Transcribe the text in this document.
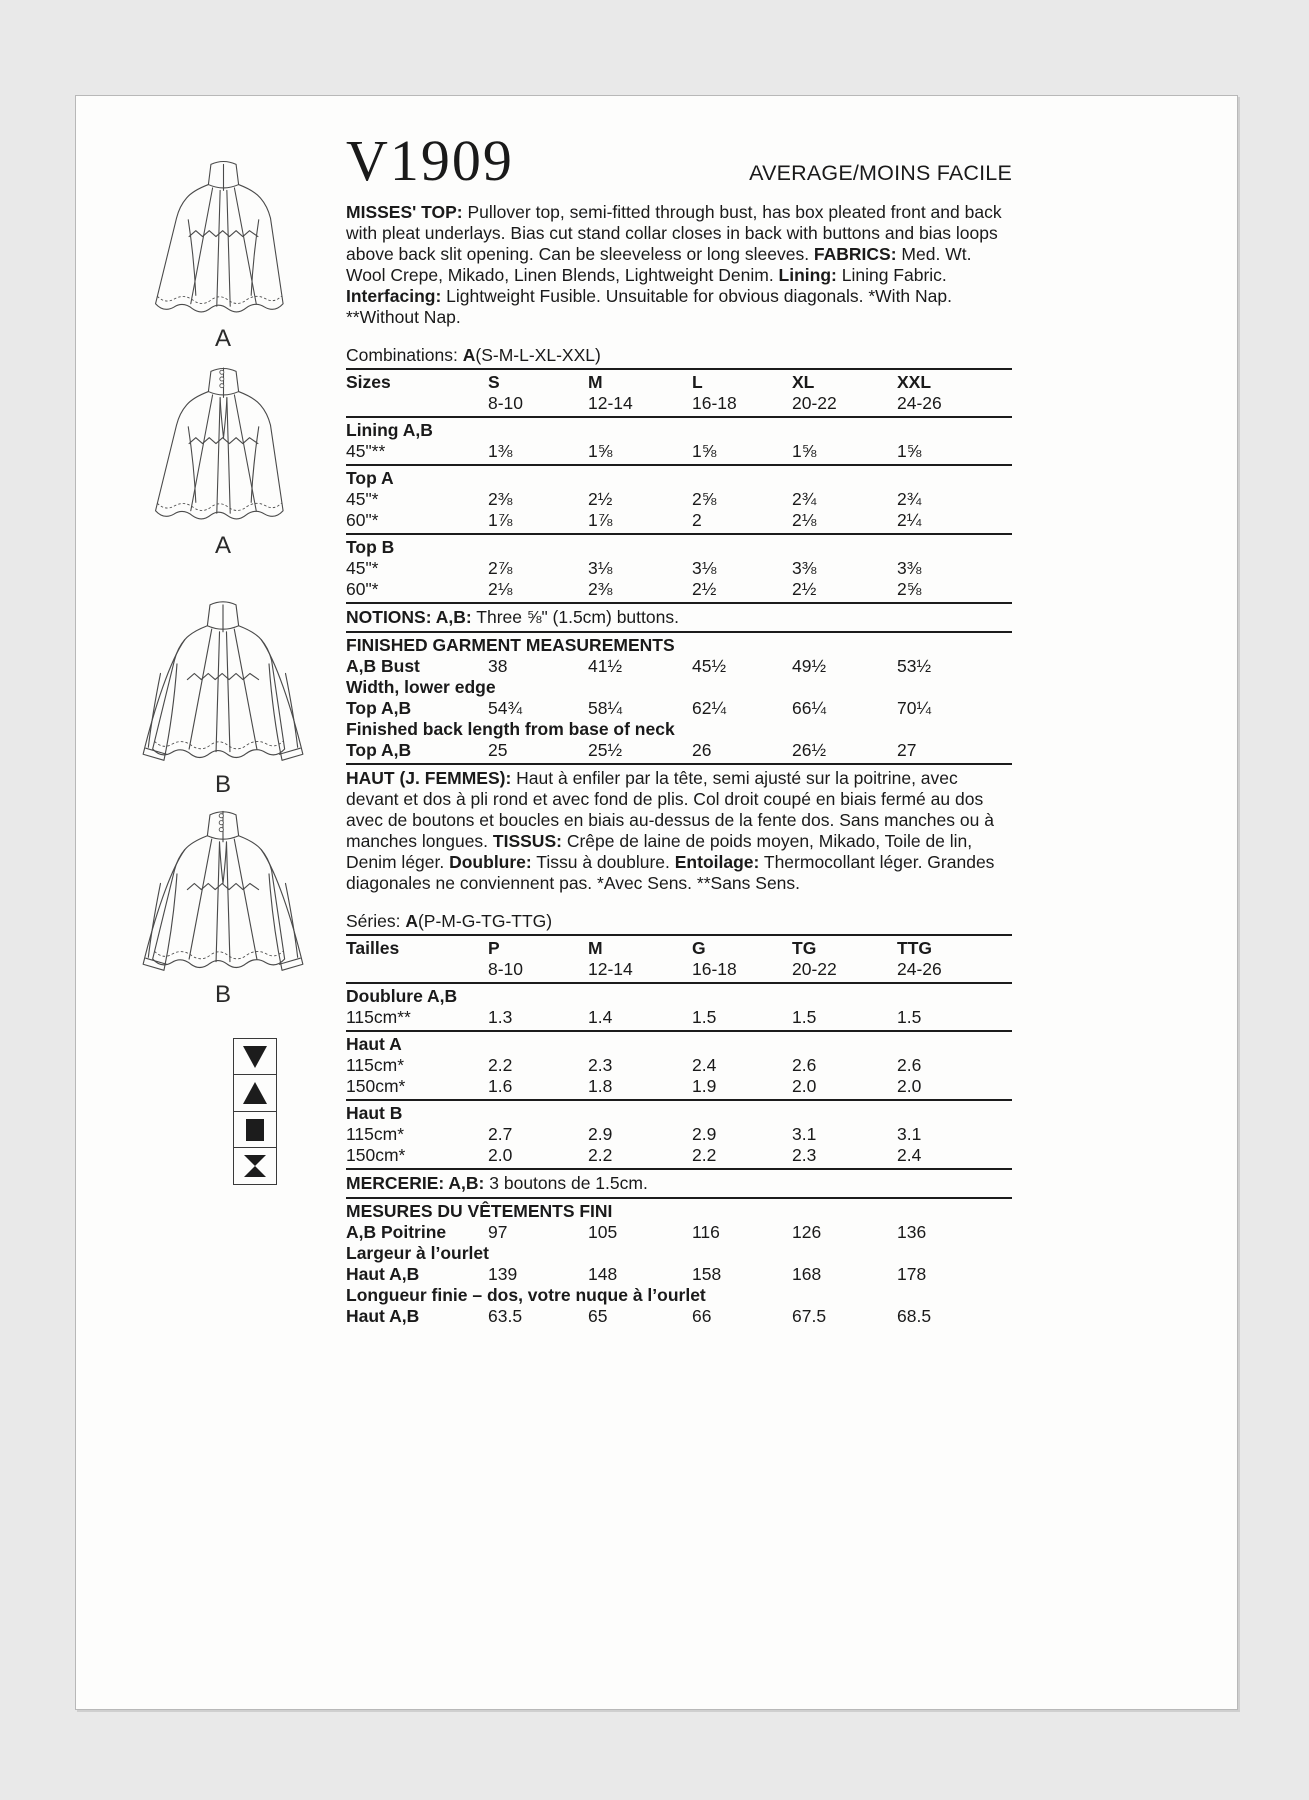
A
A
B
B
V1909	AVERAGE/MOINS FACILE
MISSES' TOP: Pullover top, semi-fitted through bust, has box pleated front and back with pleat underlays. Bias cut stand collar closes in back with buttons and bias loops above back slit opening. Can be sleeveless or long sleeves. FABRICS: Med. Wt. Wool Crepe, Mikado, Linen Blends, Lightweight Denim. Lining: Lining Fabric. Interfacing: Lightweight Fusible. Unsuitable for obvious diagonals. *With Nap. **Without Nap.
Combinations: A(S-M-L-XL-XXL)
Sizes	S	M	L	XL	XXL
8-10	12-14	16-18	20-22	24-26
Lining A,B
45"**	1⅜	1⅝	1⅝	1⅝	1⅝
Top A
45"*	2⅜	2½	2⅝	2¾	2¾
60"*	1⅞	1⅞	2	2⅛	2¼
Top B
45"*	2⅞	3⅛	3⅛	3⅜	3⅜
60"*	2⅛	2⅜	2½	2½	2⅝
NOTIONS: A,B: Three ⅝" (1.5cm) buttons.
FINISHED GARMENT MEASUREMENTS
A,B Bust	38	41½	45½	49½	53½
Width, lower edge
Top A,B	54¾	58¼	62¼	66¼	70¼
Finished back length from base of neck
Top A,B	25	25½	26	26½	27
HAUT (J. FEMMES): Haut à enfiler par la tête, semi ajusté sur la poitrine, avec devant et dos à pli rond et avec fond de plis. Col droit coupé en biais fermé au dos avec de boutons et boucles en biais au-dessus de la fente dos. Sans manches ou à manches longues. TISSUS: Crêpe de laine de poids moyen, Mikado, Toile de lin, Denim léger. Doublure: Tissu à doublure. Entoilage: Thermocollant léger. Grandes diagonales ne conviennent pas. *Avec Sens. **Sans Sens.
Séries: A(P-M-G-TG-TTG)
Tailles	P	M	G	TG	TTG
8-10	12-14	16-18	20-22	24-26
Doublure A,B
115cm**	1.3	1.4	1.5	1.5	1.5
Haut A
115cm*	2.2	2.3	2.4	2.6	2.6
150cm*	1.6	1.8	1.9	2.0	2.0
Haut B
115cm*	2.7	2.9	2.9	3.1	3.1
150cm*	2.0	2.2	2.2	2.3	2.4
MERCERIE: A,B: 3 boutons de 1.5cm.
MESURES DU VÊTEMENTS FINI
A,B Poitrine	97	105	116	126	136
Largeur à l’ourlet
Haut A,B	139	148	158	168	178
Longueur finie – dos, votre nuque à l’ourlet
Haut A,B	63.5	65	66	67.5	68.5
